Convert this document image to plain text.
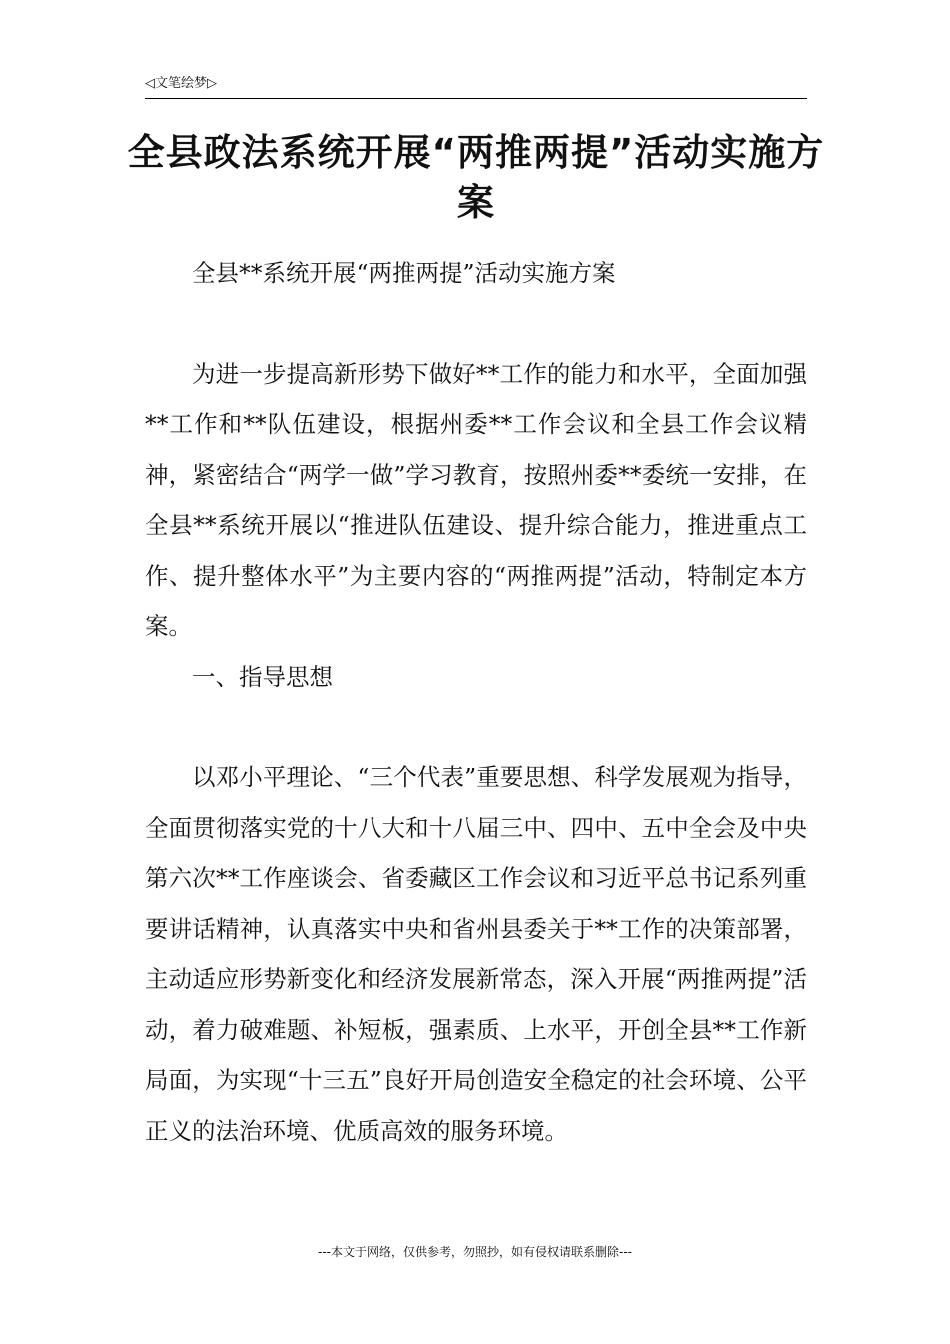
◁文笔绘梦▷
全县政法系统开展“两推两提”活动实施方案

全县**系统开展“两推两提”活动实施方案

为进一步提高新形势下做好**工作的能力和水平，全面加强**工作和**队伍建设，根据州委**工作会议和全县工作会议精神，紧密结合“两学一做”学习教育，按照州委**委统一安排，在全县**系统开展以“推进队伍建设、提升综合能力，推进重点工作、提升整体水平”为主要内容的“两推两提”活动，特制定本方案。

一、指导思想

以邓小平理论、“三个代表”重要思想、科学发展观为指导，全面贯彻落实党的十八大和十八届三中、四中、五中全会及中央第六次**工作座谈会、省委藏区工作会议和习近平总书记系列重要讲话精神，认真落实中央和省州县委关于**工作的决策部署，主动适应形势新变化和经济发展新常态，深入开展“两推两提”活动，着力破难题、补短板，强素质、上水平，开创全县**工作新局面，为实现“十三五”良好开局创造安全稳定的社会环境、公平正义的法治环境、优质高效的服务环境。

---本文于网络，仅供参考，勿照抄，如有侵权请联系删除---
